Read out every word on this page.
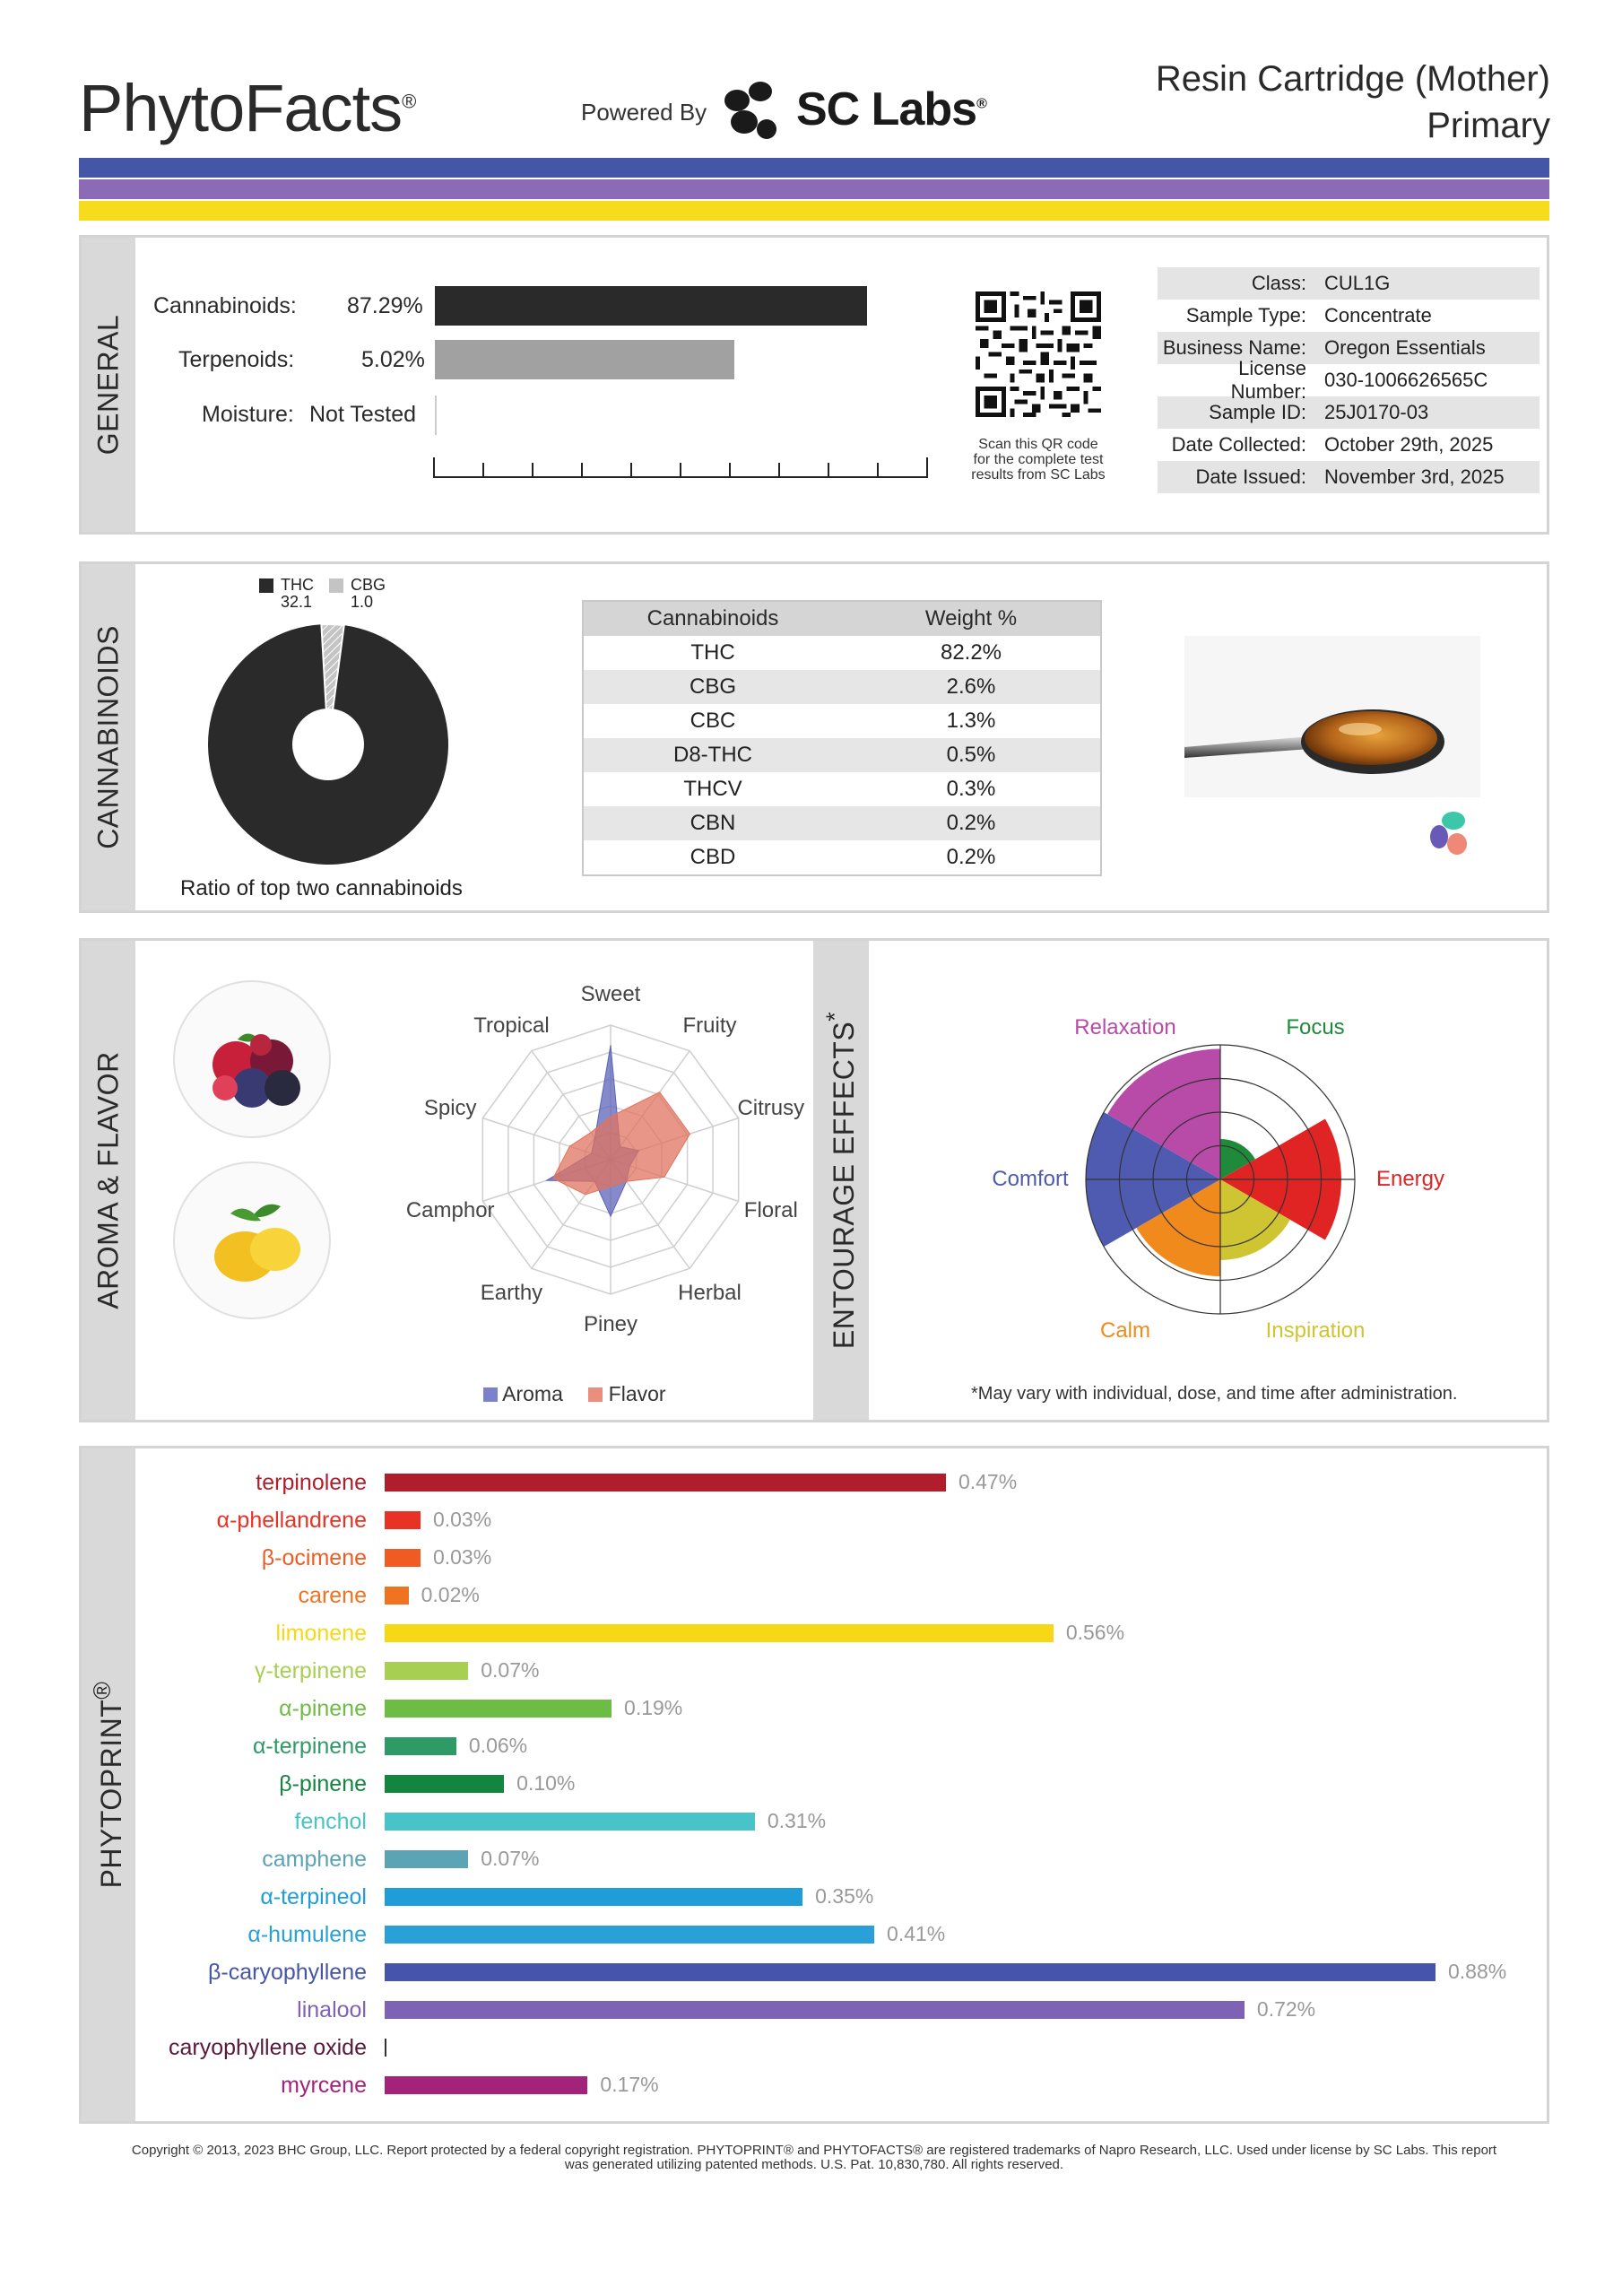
PhytoFacts®	Powered By SC Labs®
Resin Cartridge (Mother)
Primary
GENERAL
Cannabinoids: 87.29%
Terpenoids:	5.02%
Moisture: Not Tested
Scan this QR code
for the complete test
results from SC Labs
Class: CUL1G
Sample Type: Concentrate
Business Name: Oregon Essentials
License Number:
030-1006626565C
Sample ID: 25J0170-03
Date Collected: October 29th, 2025
Date Issued: November 3rd, 2025
CANNABINOIDS
THC
32.1
CBG
1.0
Ratio of top two cannabinoids
Cannabinoids	Weight %
THC	82.2%
CBG	2.6%
CBC	1.3%
D8-THC	0.5%
THCV	0.3%
CBN	0.2%
CBD	0.2%
AROMA & FLAVOR	ENTOURAGE EFFECTS*
Sweet
Fruity
Citrusy
Floral
Herbal
Piney
Earthy
Camphor
Spicy
Tropical
Aroma Flavor
Focus
Energy
Inspiration
Calm
Comfort
Relaxation
*May vary with individual, dose, and time after administration.
PHYTOPRINT®
terpinolene	0.47%
α-phellandrene	0.03%
β-ocimene	0.03%
carene	0.02%
limonene	0.56%
γ-terpinene	0.07%
α-pinene	0.19%
α-terpinene	0.06%
β-pinene	0.10%
fenchol	0.31%
camphene	0.07%
α-terpineol	0.35%
α-humulene	0.41%
β-caryophyllene	0.88%
linalool	0.72%
caryophyllene oxide
myrcene	0.17%
Copyright © 2013, 2023 BHC Group, LLC. Report protected by a federal copyright registration. PHYTOPRINT® and PHYTOFACTS® are registered trademarks of Napro Research, LLC. Used under license by SC Labs. This report
was generated utilizing patented methods. U.S. Pat. 10,830,780. All rights reserved.
